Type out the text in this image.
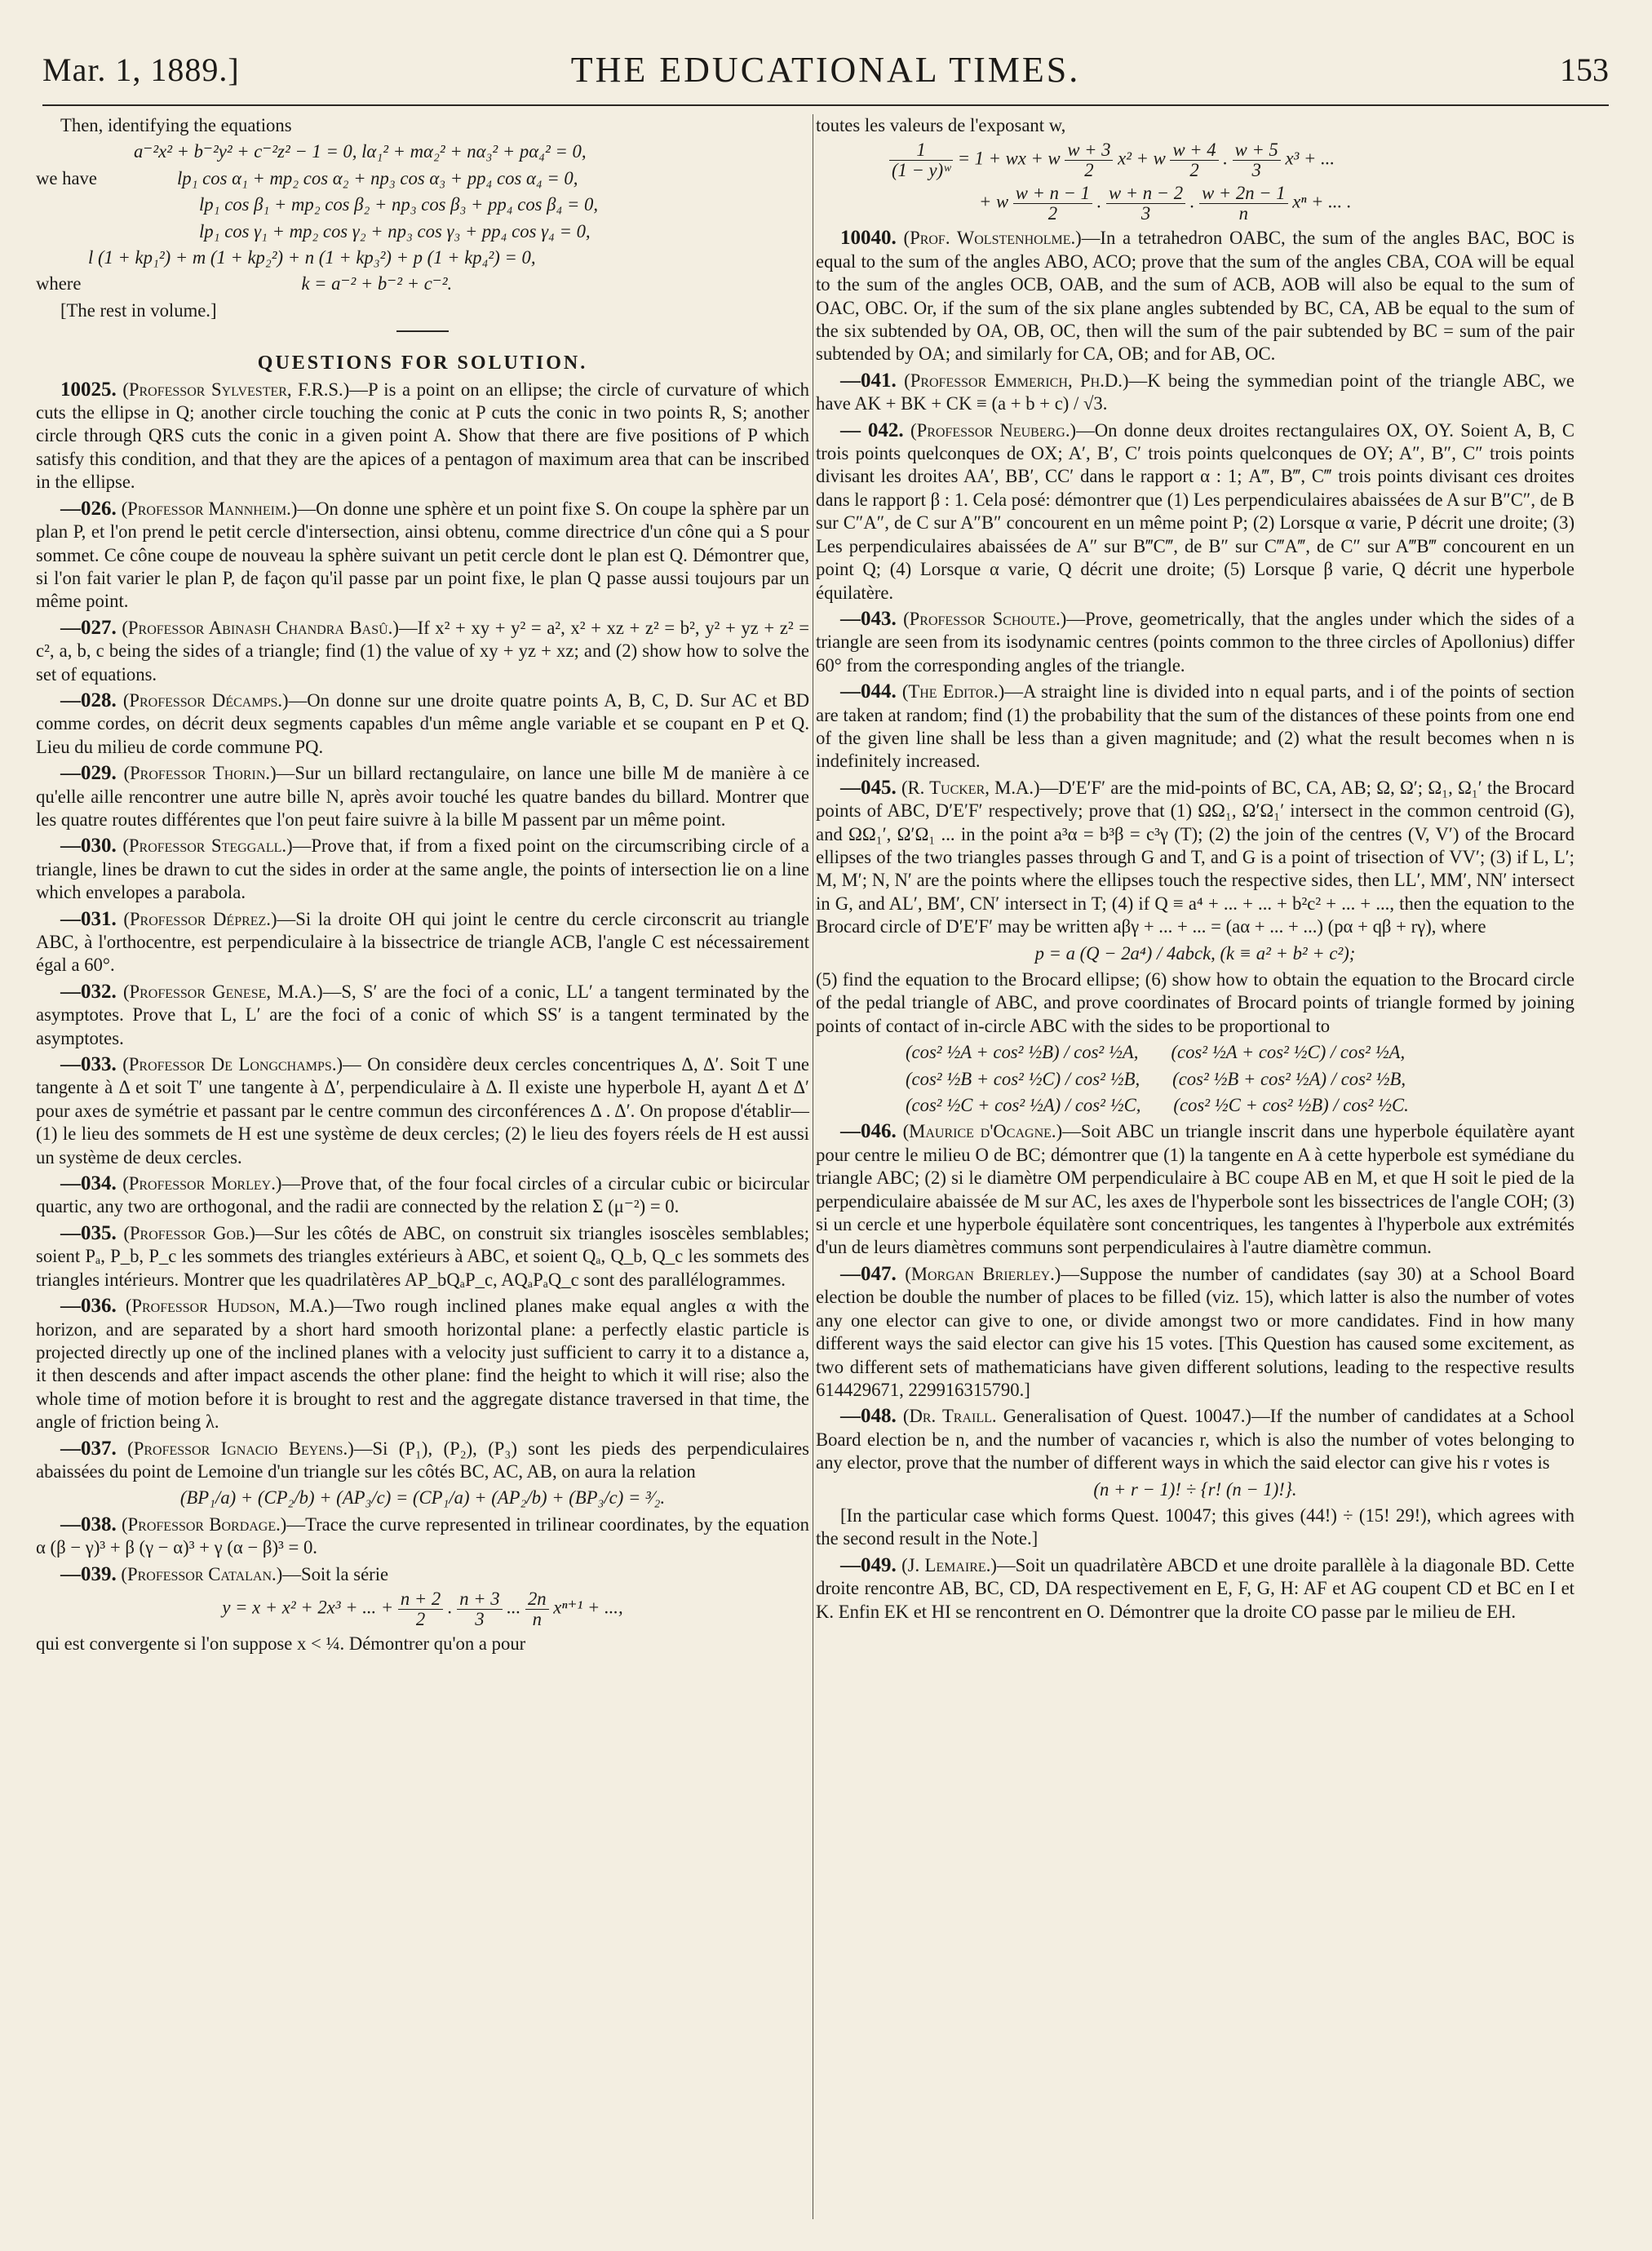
Mar. 1, 1889.]	THE EDUCATIONAL TIMES.	153

Then, identifying the equations

a⁻²x² + b⁻²y² + c⁻²z² − 1 = 0, lα₁² + mα₂² + nα₃² + pα₄² = 0,

we have	lp₁ cos α₁ + mp₂ cos α₂ + np₃ cos α₃ + pp₄ cos α₄ = 0,

lp₁ cos β₁ + mp₂ cos β₂ + np₃ cos β₃ + pp₄ cos β₄ = 0,

lp₁ cos γ₁ + mp₂ cos γ₂ + np₃ cos γ₃ + pp₄ cos γ₄ = 0,

l (1 + kp₁²) + m (1 + kp₂²) + n (1 + kp₃²) + p (1 + kp₄²) = 0,

where	k = a⁻² + b⁻² + c⁻².

[The rest in volume.]

QUESTIONS FOR SOLUTION.

10025. (Professor Sylvester, F.R.S.)—P is a point on an ellipse; the circle of curvature of which cuts the ellipse in Q; another circle touching the conic at P cuts the conic in two points R, S; another circle through QRS cuts the conic in a given point A. Show that there are five positions of P which satisfy this condition, and that they are the apices of a pentagon of maximum area that can be inscribed in the ellipse.

—026. (Professor Mannheim.)—On donne une sphère et un point fixe S. On coupe la sphère par un plan P, et l'on prend le petit cercle d'intersection, ainsi obtenu, comme directrice d'un cône qui a S pour sommet. Ce cône coupe de nouveau la sphère suivant un petit cercle dont le plan est Q. Démontrer que, si l'on fait varier le plan P, de façon qu'il passe par un point fixe, le plan Q passe aussi toujours par un même point.

—027. (Professor Abinash Chandra Basû.)—If x² + xy + y² = a², x² + xz + z² = b², y² + yz + z² = c², a, b, c being the sides of a triangle; find (1) the value of xy + yz + xz; and (2) show how to solve the set of equations.

—028. (Professor Décamps.)—On donne sur une droite quatre points A, B, C, D. Sur AC et BD comme cordes, on décrit deux segments capables d'un même angle variable et se coupant en P et Q. Lieu du milieu de corde commune PQ.

—029. (Professor Thorin.)—Sur un billard rectangulaire, on lance une bille M de manière à ce qu'elle aille rencontrer une autre bille N, après avoir touché les quatre bandes du billard. Montrer que les quatre routes différentes que l'on peut faire suivre à la bille M passent par un même point.

—030. (Professor Steggall.)—Prove that, if from a fixed point on the circumscribing circle of a triangle, lines be drawn to cut the sides in order at the same angle, the points of intersection lie on a line which envelopes a parabola.

—031. (Professor Déprez.)—Si la droite OH qui joint le centre du cercle circonscrit au triangle ABC, à l'orthocentre, est perpendiculaire à la bissectrice de triangle ACB, l'angle C est nécessairement égal a 60°.

—032. (Professor Genese, M.A.)—S, S′ are the foci of a conic, LL′ a tangent terminated by the asymptotes. Prove that L, L′ are the foci of a conic of which SS′ is a tangent terminated by the asymptotes.

—033. (Professor De Longchamps.)— On considère deux cercles concentriques Δ, Δ′. Soit T une tangente à Δ et soit T′ une tangente à Δ′, perpendiculaire à Δ. Il existe une hyperbole H, ayant Δ et Δ′ pour axes de symétrie et passant par le centre commun des circonférences Δ . Δ′. On propose d'établir—(1) le lieu des sommets de H est une système de deux cercles; (2) le lieu des foyers réels de H est aussi un système de deux cercles.

—034. (Professor Morley.)—Prove that, of the four focal circles of a circular cubic or bicircular quartic, any two are orthogonal, and the radii are connected by the relation Σ (μ⁻²) = 0.

—035. (Professor Gob.)—Sur les côtés de ABC, on construit six triangles isoscèles semblables; soient Pₐ, P_b, P_c les sommets des triangles extérieurs à ABC, et soient Qₐ, Q_b, Q_c les sommets des triangles intérieurs. Montrer que les quadrilatères AP_bQₐP_c, AQₐPₐQ_c sont des parallélogrammes.

—036. (Professor Hudson, M.A.)—Two rough inclined planes make equal angles α with the horizon, and are separated by a short hard smooth horizontal plane: a perfectly elastic particle is projected directly up one of the inclined planes with a velocity just sufficient to carry it to a distance a, it then descends and after impact ascends the other plane: find the height to which it will rise; also the whole time of motion before it is brought to rest and the aggregate distance traversed in that time, the angle of friction being λ.

—037. (Professor Ignacio Beyens.)—Si (P₁), (P₂), (P₃) sont les pieds des perpendiculaires abaissées du point de Lemoine d'un triangle sur les côtés BC, AC, AB, on aura la relation

(BP₁/a) + (CP₂/b) + (AP₃/c) = (CP₁/a) + (AP₂/b) + (BP₃/c) = ³⁄₂.

—038. (Professor Bordage.)—Trace the curve represented in trilinear coordinates, by the equation α (β − γ)³ + β (γ − α)³ + γ (α − β)³ = 0.

—039. (Professor Catalan.)—Soit la série

y = x + x² + 2x³ + ... + $\frac{n + 2}{2}$ . $\frac{n + 3}{3}$ ... $\frac{2n}{n} x^{n+1}$ + ...,

qui est convergente si l'on suppose x < ¼. Démontrer qu'on a pour

toutes les valeurs de l'exposant w,

$\frac{1}{\text{(1 − y)ʷ}} = 1$ + wx + w $\frac{w + 3}{2} x^2 + w \frac{w + 4}{2}$ . $\frac{w + 5}{3} x^3$ + ...

+ w $\frac{w + n - 1}{2}$ . $\frac{w + n - 2}{3}$ . $\frac{w + 2n - 1}{n}$ xⁿ + ... .

10040. (Prof. Wolstenholme.)—In a tetrahedron OABC, the sum of the angles BAC, BOC is equal to the sum of the angles ABO, ACO; prove that the sum of the angles CBA, COA will be equal to the sum of the angles OCB, OAB, and the sum of ACB, AOB will also be equal to the sum of OAC, OBC. Or, if the sum of the six plane angles subtended by BC, CA, AB be equal to the sum of the six subtended by OA, OB, OC, then will the sum of the pair subtended by BC = sum of the pair subtended by OA; and similarly for CA, OB; and for AB, OC.

—041. (Professor Emmerich, Ph.D.)—K being the symmedian point of the triangle ABC, we have AK + BK + CK ≡ (a + b + c) / √3.

— 042. (Professor Neuberg.)—On donne deux droites rectangulaires OX, OY. Soient A, B, C trois points quelconques de OX; A′, B′, C′ trois points quelconques de OY; A″, B″, C″ trois points divisant les droites AA′, BB′, CC′ dans le rapport α : 1; A‴, B‴, C‴ trois points divisant ces droites dans le rapport β : 1. Cela posé: démontrer que (1) Les perpendiculaires abaissées de A sur B″C″, de B sur C″A″, de C sur A″B″ concourent en un même point P; (2) Lorsque α varie, P décrit une droite; (3) Les perpendiculaires abaissées de A″ sur B‴C‴, de B″ sur C‴A‴, de C″ sur A‴B‴ concourent en un point Q; (4) Lorsque α varie, Q décrit une droite; (5) Lorsque β varie, Q décrit une hyperbole équilatère.

—043. (Professor Schoute.)—Prove, geometrically, that the angles under which the sides of a triangle are seen from its isodynamic centres (points common to the three circles of Apollonius) differ 60° from the corresponding angles of the triangle.

—044. (The Editor.)—A straight line is divided into n equal parts, and i of the points of section are taken at random; find (1) the probability that the sum of the distances of these points from one end of the given line shall be less than a given magnitude; and (2) what the result becomes when n is indefinitely increased.

—045. (R. Tucker, M.A.)—D′E′F′ are the mid-points of BC, CA, AB; Ω, Ω′; Ω₁, Ω₁′ the Brocard points of ABC, D′E′F′ respectively; prove that (1) ΩΩ₁, Ω′Ω₁′ intersect in the common centroid (G), and ΩΩ₁′, Ω′Ω₁ ... in the point a³α = b³β = c³γ (T); (2) the join of the centres (V, V′) of the Brocard ellipses of the two triangles passes through G and T, and G is a point of trisection of VV′; (3) if L, L′; M, M′; N, N′ are the points where the ellipses touch the respective sides, then LL′, MM′, NN′ intersect in G, and AL′, BM′, CN′ intersect in T; (4) if Q ≡ a⁴ + ... + ... + b²c² + ... + ..., then the equation to the Brocard circle of D′E′F′ may be written aβγ + ... + ... = (aα + ... + ...) (pα + qβ + rγ), where

p = a (Q − 2a⁴) / 4abck, (k ≡ a² + b² + c²);

(5) find the equation to the Brocard ellipse; (6) show how to obtain the equation to the Brocard circle of the pedal triangle of ABC, and prove coordinates of Brocard points of triangle formed by joining points of contact of in-circle ABC with the sides to be proportional to

(cos² ½A + cos² ½B) / cos² ½A, (cos² ½A + cos² ½C) / cos² ½A,

(cos² ½B + cos² ½C) / cos² ½B, (cos² ½B + cos² ½A) / cos² ½B,

(cos² ½C + cos² ½A) / cos² ½C, (cos² ½C + cos² ½B) / cos² ½C.

—046. (Maurice d'Ocagne.)—Soit ABC un triangle inscrit dans une hyperbole équilatère ayant pour centre le milieu O de BC; démontrer que (1) la tangente en A à cette hyperbole est symédiane du triangle ABC; (2) si le diamètre OM perpendiculaire à BC coupe AB en M, et que H soit le pied de la perpendiculaire abaissée de M sur AC, les axes de l'hyperbole sont les bissectrices de l'angle COH; (3) si un cercle et une hyperbole équilatère sont concentriques, les tangentes à l'hyperbole aux extrémités d'un de leurs diamètres communs sont perpendiculaires à l'autre diamètre commun.

—047. (Morgan Brierley.)—Suppose the number of candidates (say 30) at a School Board election be double the number of places to be filled (viz. 15), which latter is also the number of votes any one elector can give to one, or divide amongst two or more candidates. Find in how many different ways the said elector can give his 15 votes. [This Question has caused some excitement, as two different sets of mathematicians have given different solutions, leading to the respective results 614429671, 229916315790.]

—048. (Dr. Traill. Generalisation of Quest. 10047.)—If the number of candidates at a School Board election be n, and the number of vacancies r, which is also the number of votes belonging to any elector, prove that the number of different ways in which the said elector can give his r votes is

(n + r − 1)! ÷ {r! (n − 1)!}.

[In the particular case which forms Quest. 10047; this gives (44!) ÷ (15! 29!), which agrees with the second result in the Note.]

—049. (J. Lemaire.)—Soit un quadrilatère ABCD et une droite parallèle à la diagonale BD. Cette droite rencontre AB, BC, CD, DA respectivement en E, F, G, H: AF et AG coupent CD et BC en I et K. Enfin EK et HI se rencontrent en O. Démontrer que la droite CO passe par le milieu de EH.
